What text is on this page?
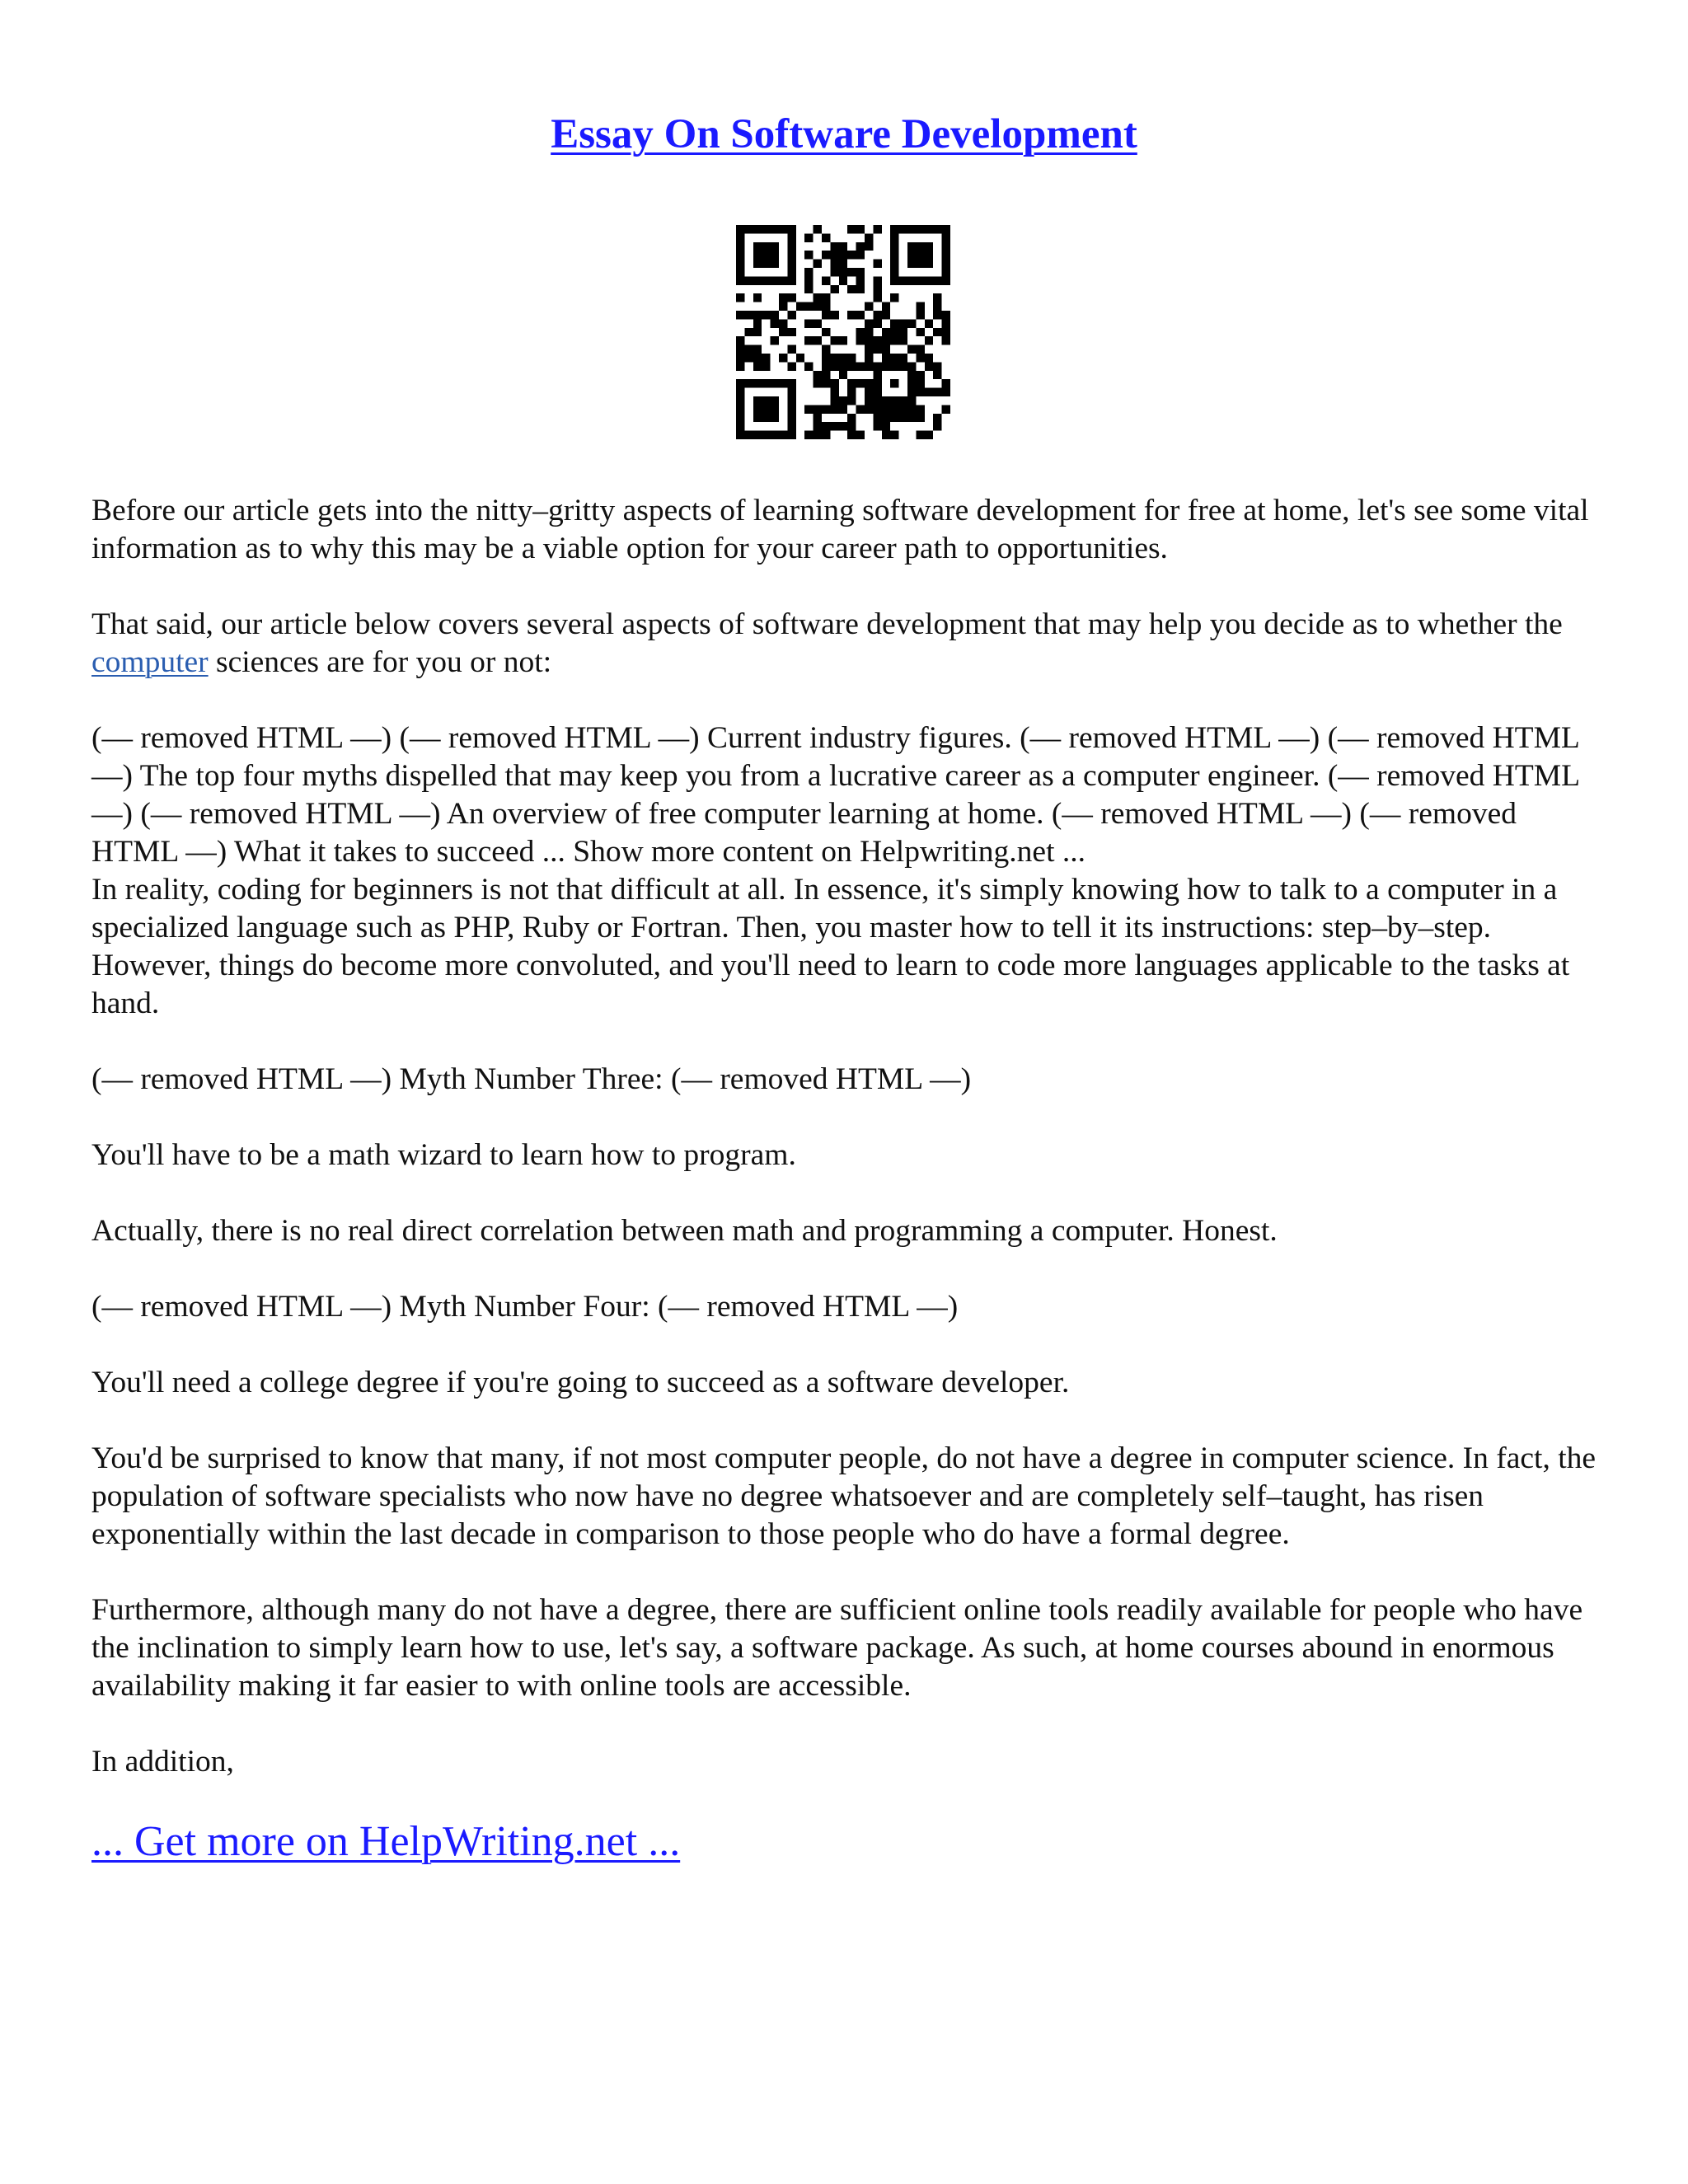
Essay On Software Development

Before our article gets into the nitty–gritty aspects of learning software development for free at home, let's see some vital information as to why this may be a viable option for your career path to opportunities.

That said, our article below covers several aspects of software development that may help you decide as to whether the computer sciences are for you or not:

(— removed HTML —) (— removed HTML —) Current industry figures. (— removed HTML —) (— removed HTML —) The top four myths dispelled that may keep you from a lucrative career as a computer engineer. (— removed HTML —) (— removed HTML —) An overview of free computer learning at home. (— removed HTML —) (— removed HTML —) What it takes to succeed ... Show more content on Helpwriting.net ...

In reality, coding for beginners is not that difficult at all. In essence, it's simply knowing how to talk to a computer in a specialized language such as PHP, Ruby or Fortran. Then, you master how to tell it its instructions: step–by–step. However, things do become more convoluted, and you'll need to learn to code more languages applicable to the tasks at hand.

(— removed HTML —) Myth Number Three: (— removed HTML —)

You'll have to be a math wizard to learn how to program.

Actually, there is no real direct correlation between math and programming a computer. Honest.

(— removed HTML —) Myth Number Four: (— removed HTML —)

You'll need a college degree if you're going to succeed as a software developer.

You'd be surprised to know that many, if not most computer people, do not have a degree in computer science. In fact, the population of software specialists who now have no degree whatsoever and are completely self–taught, has risen exponentially within the last decade in comparison to those people who do have a formal degree.

Furthermore, although many do not have a degree, there are sufficient online tools readily available for people who have the inclination to simply learn how to use, let's say, a software package. As such, at home courses abound in enormous availability making it far easier to with online tools are accessible.

In addition,

... Get more on HelpWriting.net ...
